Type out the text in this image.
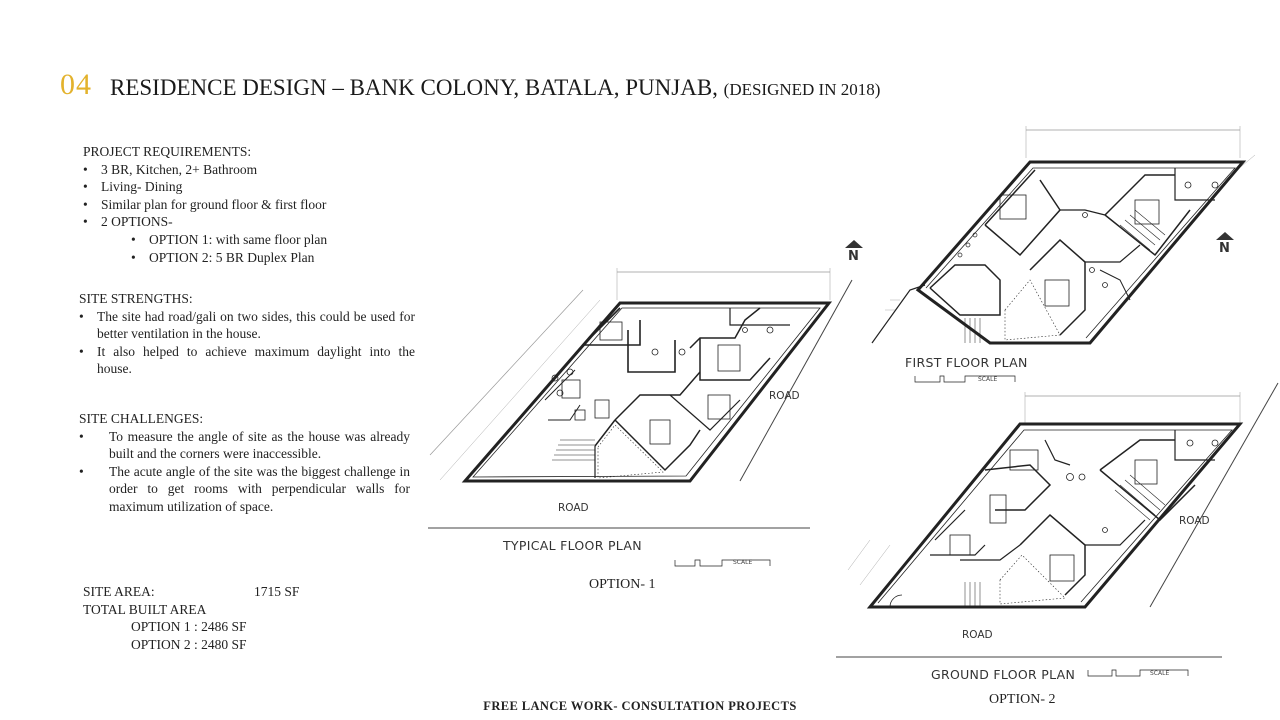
04 RESIDENCE DESIGN – BANK COLONY, BATALA, PUNJAB, (DESIGNED IN 2018)
PROJECT REQUIREMENTS:
• 3 BR, Kitchen, 2+ Bathroom
• Living- Dining
• Similar plan for ground floor & first floor
• 2 OPTIONS-
• OPTION 1: with same floor plan
• OPTION 2: 5 BR Duplex Plan
SITE STRENGTHS:
• The site had road/gali on two sides, this could be used for better ventilation in the house.
• It also helped to achieve maximum daylight into the house.
SITE CHALLENGES:
• To measure the angle of site as the house was already built and the corners were inaccessible.
• The acute angle of the site was the biggest challenge in order to get rooms with perpendicular walls for maximum utilization of space.
SITE AREA:	1715 SF
TOTAL BUILT AREA
OPTION 1 : 2486 SF
OPTION 2 : 2480 SF
SCALE
SCALE
SCALE
N
N
ROAD
ROAD
ROAD
ROAD
TYPICAL FLOOR PLAN
FIRST FLOOR PLAN
GROUND FLOOR PLAN
OPTION- 1
OPTION- 2
FREE LANCE WORK- CONSULTATION PROJECTS
